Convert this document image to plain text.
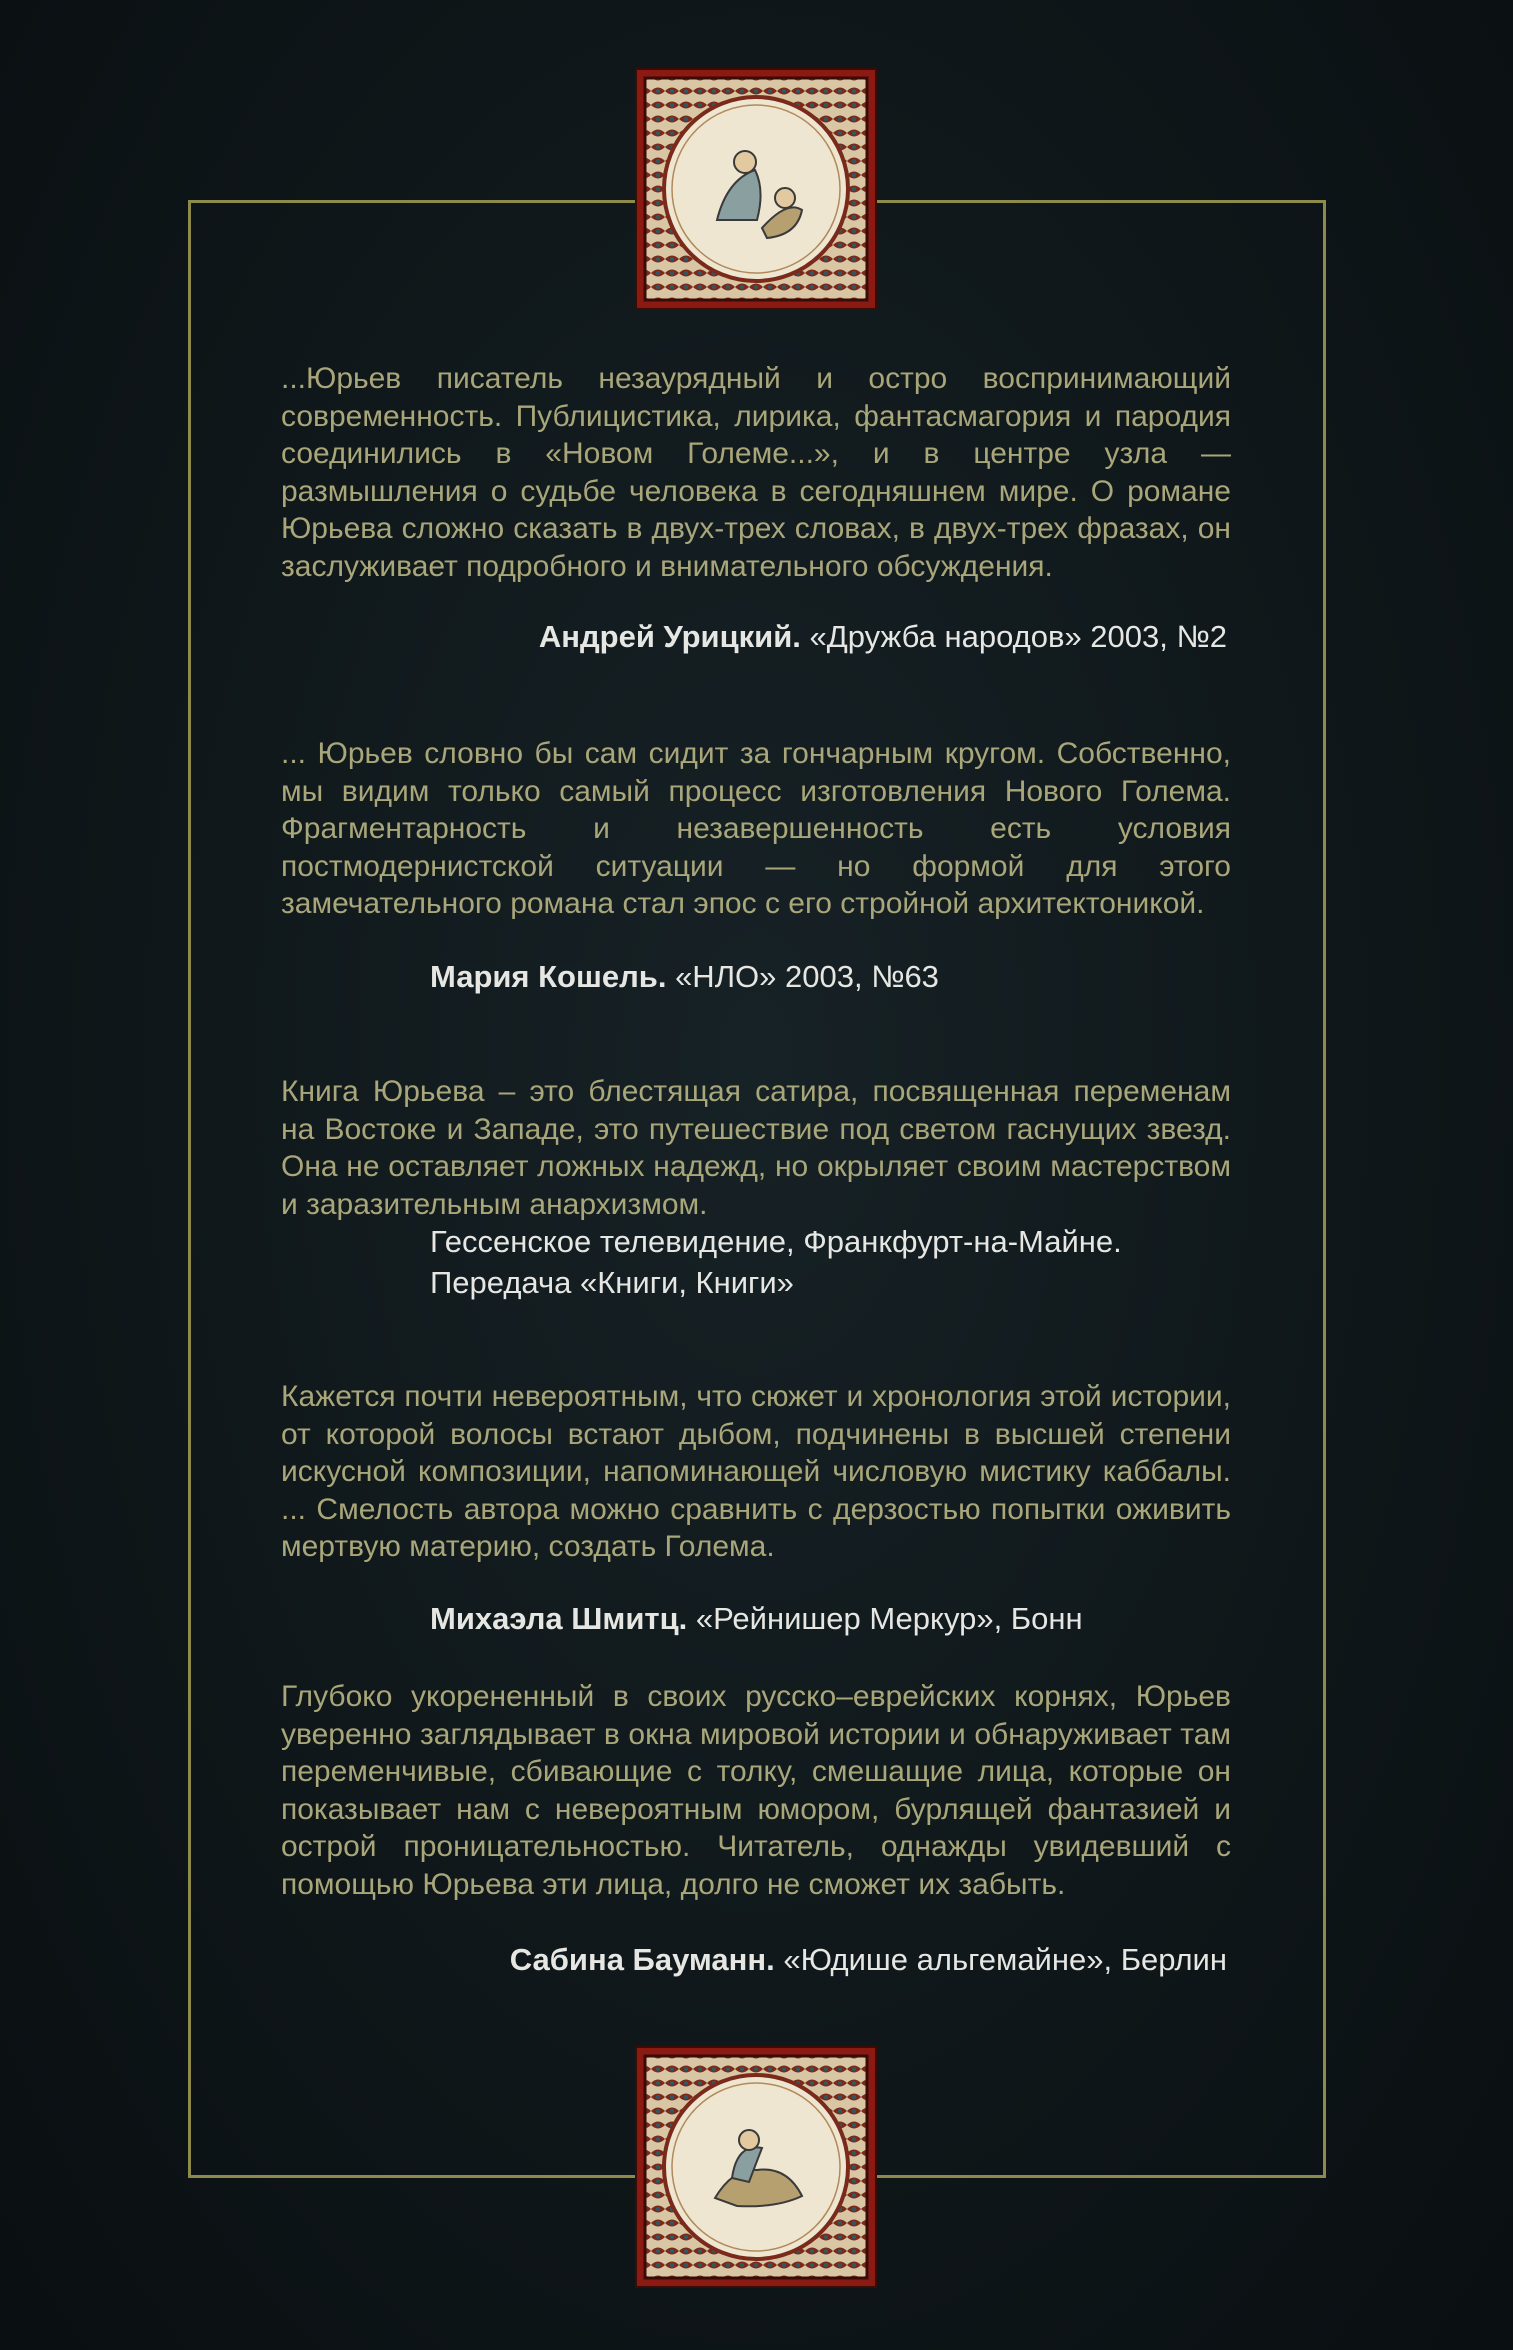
...Юрьев писатель незаурядный и остро воспринимающий современность. Публицистика, лирика, фантасмагория и пародия соединились в «Новом Големе...», и в центре узла — размышления о судьбе человека в сегодняшнем мире. О романе Юрьева сложно сказать в двух-трех словах, в двух-трех фразах, он заслуживает подробного и внимательного обсуждения.

Андрей Урицкий. «Дружба народов» 2003, №2

... Юрьев словно бы сам сидит за гончарным кругом. Собственно, мы видим только самый процесс изготовления Нового Голема. Фрагментарность и незавершенность есть условия постмодернистской ситуации — но формой для этого замечательного романа стал эпос с его стройной архитектоникой.

Мария Кошель. «НЛО» 2003, №63

Книга Юрьева – это блестящая сатира, посвященная переменам на Востоке и Западе, это путешествие под светом гаснущих звезд. Она не оставляет ложных надежд, но окрыляет своим мастерством и заразительным анархизмом.

Гессенское телевидение, Франкфурт-на-Майне.

Передача «Книги, Книги»

Кажется почти невероятным, что сюжет и хронология этой истории, от которой волосы встают дыбом, подчинены в высшей степени искусной композиции, напоминающей числовую мистику каббалы. ... Смелость автора можно сравнить с дерзостью попытки оживить мертвую материю, создать Голема.

Михаэла Шмитц. «Рейнишер Меркур», Бонн

Глубоко укорененный в своих русско–еврейских корнях, Юрьев уверенно заглядывает в окна мировой истории и обнаруживает там переменчивые, сбивающие с толку, смешащие лица, которые он показывает нам с невероятным юмором, бурлящей фантазией и острой проницательностью. Читатель, однажды увидевший с помощью Юрьева эти лица, долго не сможет их забыть.

Сабина Бауманн. «Юдише альгемайне», Берлин
